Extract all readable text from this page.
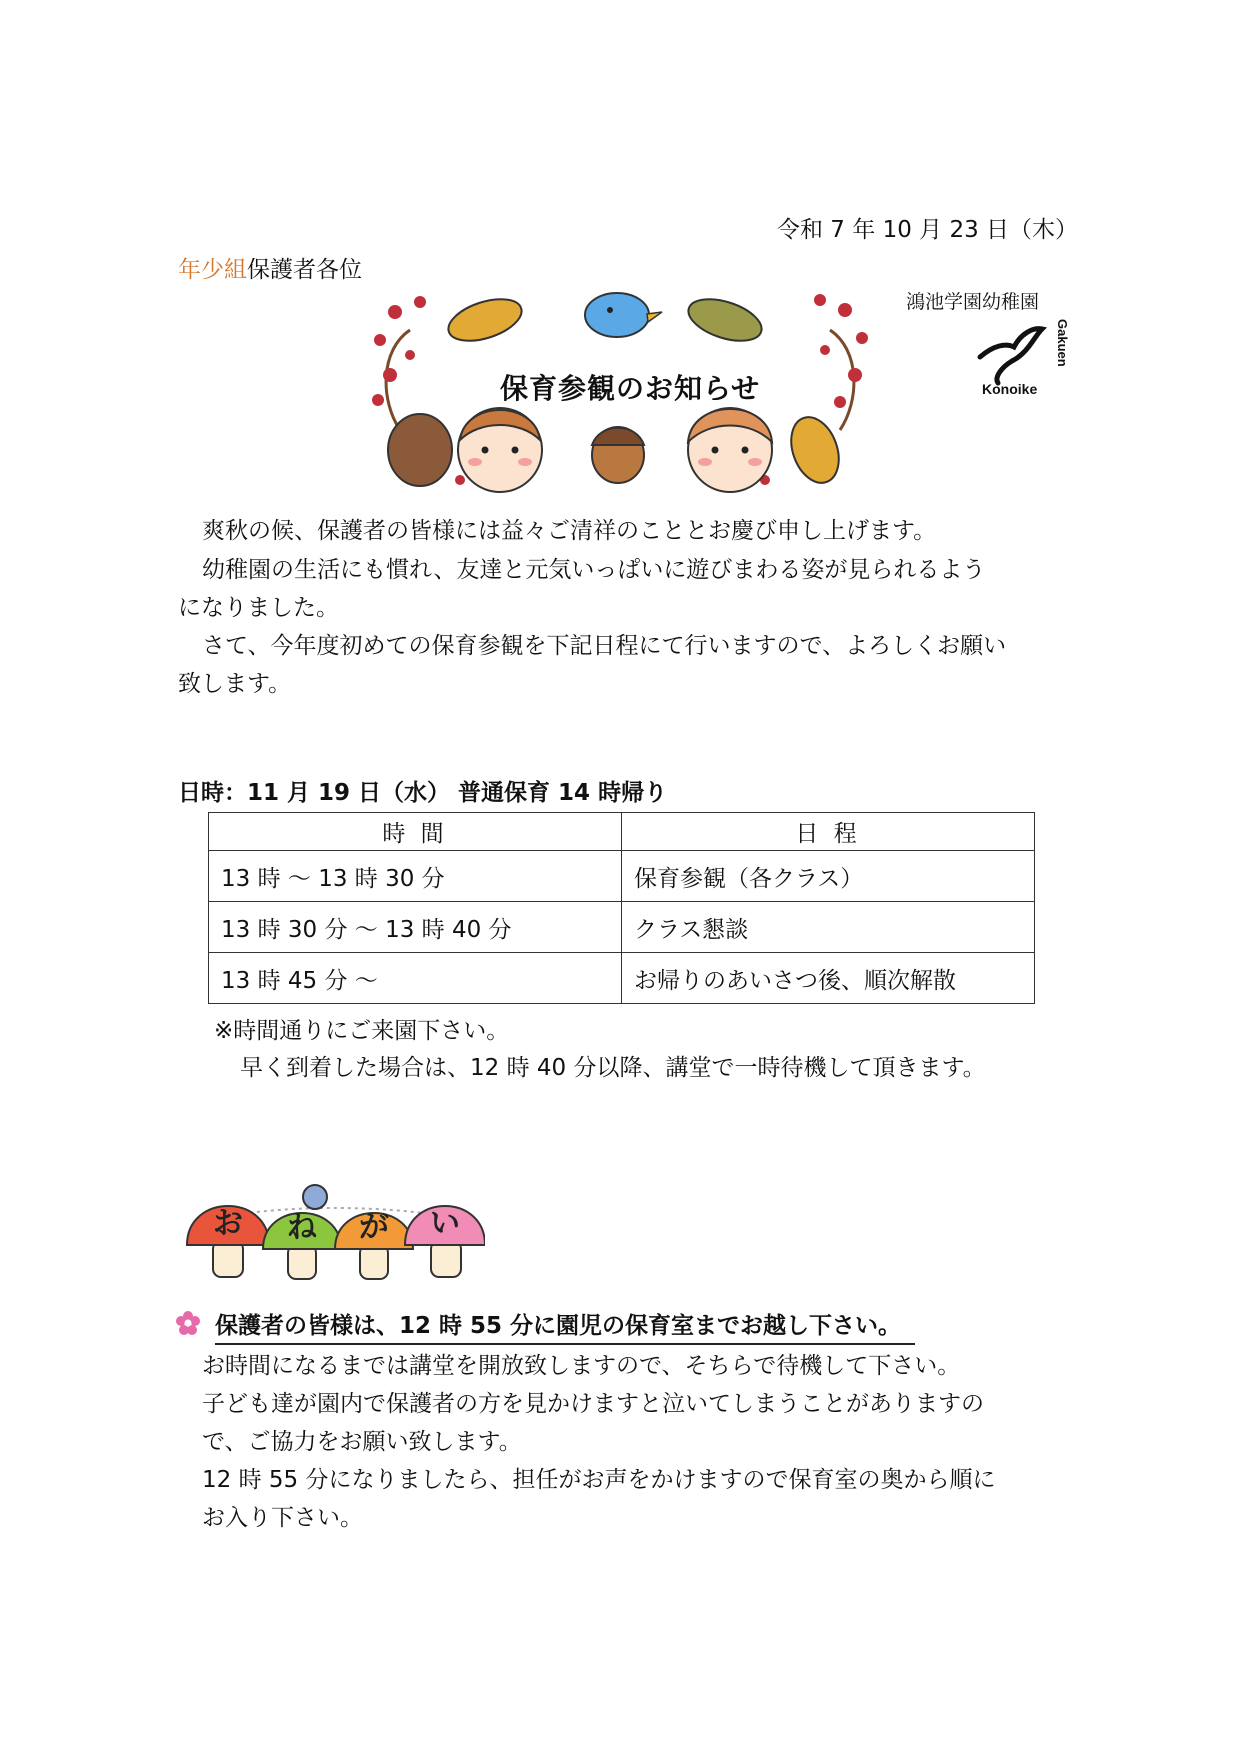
令和 7 年 10 月 23 日（木）
年少組保護者各位
鴻池学園幼稚園
Konoike
Gakuen
保育参観のお知らせ
爽秋の候、保護者の皆様には益々ご清祥のこととお慶び申し上げます。
幼稚園の生活にも慣れ、友達と元気いっぱいに遊びまわる姿が見られるよう
になりました。
さて、今年度初めての保育参観を下記日程にて行いますので、よろしくお願い
致します。
日時：11 月 19 日（水） 普通保育 14 時帰り
時 間	日 程
13 時 ～ 13 時 30 分	保育参観（各クラス）
13 時 30 分 ～ 13 時 40 分	クラス懇談
13 時 45 分 ～	お帰りのあいさつ後、順次解散
※時間通りにご来園下さい。
早く到着した場合は、12 時 40 分以降、講堂で一時待機して頂きます。
お ね が い
保護者の皆様は、12 時 55 分に園児の保育室までお越し下さい。
お時間になるまでは講堂を開放致しますので、そちらで待機して下さい。
子ども達が園内で保護者の方を見かけますと泣いてしまうことがありますの
で、ご協力をお願い致します。
12 時 55 分になりましたら、担任がお声をかけますので保育室の奥から順に
お入り下さい。
